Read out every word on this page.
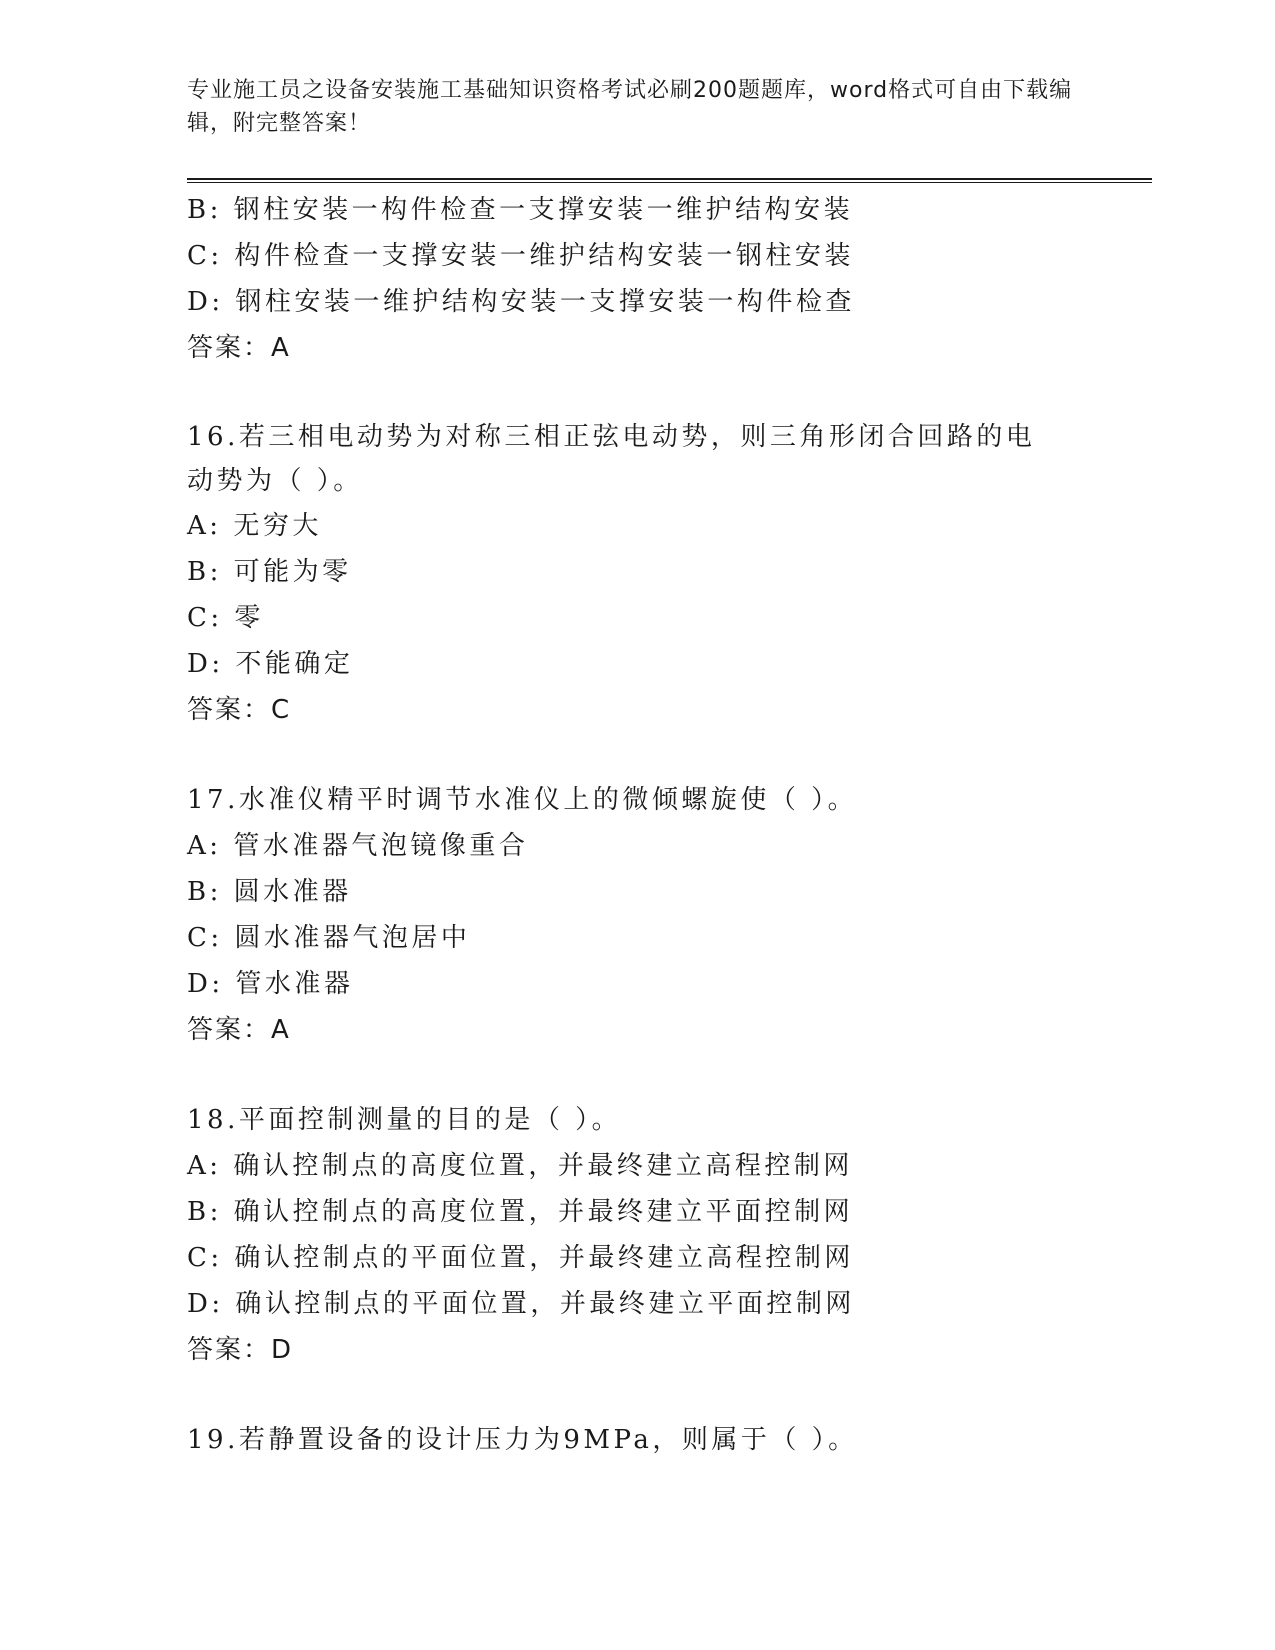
专业施工员之设备安装施工基础知识资格考试必刷200题题库，word格式可自由下载编辑，附完整答案！
B: 钢柱安装一构件检查一支撑安装一维护结构安装
C: 构件检查一支撑安装一维护结构安装一钢柱安装
D: 钢柱安装一维护结构安装一支撑安装一构件检查
答案：A
16.若三相电动势为对称三相正弦电动势，则三角形闭合回路的电动势为（ ）。
A: 无穷大
B: 可能为零
C: 零
D: 不能确定
答案：C
17.水准仪精平时调节水准仪上的微倾螺旋使（ ）。
A: 管水准器气泡镜像重合
B: 圆水准器
C: 圆水准器气泡居中
D: 管水准器
答案：A
18.平面控制测量的目的是（ ）。
A: 确认控制点的高度位置，并最终建立高程控制网
B: 确认控制点的高度位置，并最终建立平面控制网
C: 确认控制点的平面位置，并最终建立高程控制网
D: 确认控制点的平面位置，并最终建立平面控制网
答案：D
19.若静置设备的设计压力为9MPa，则属于（ ）。
